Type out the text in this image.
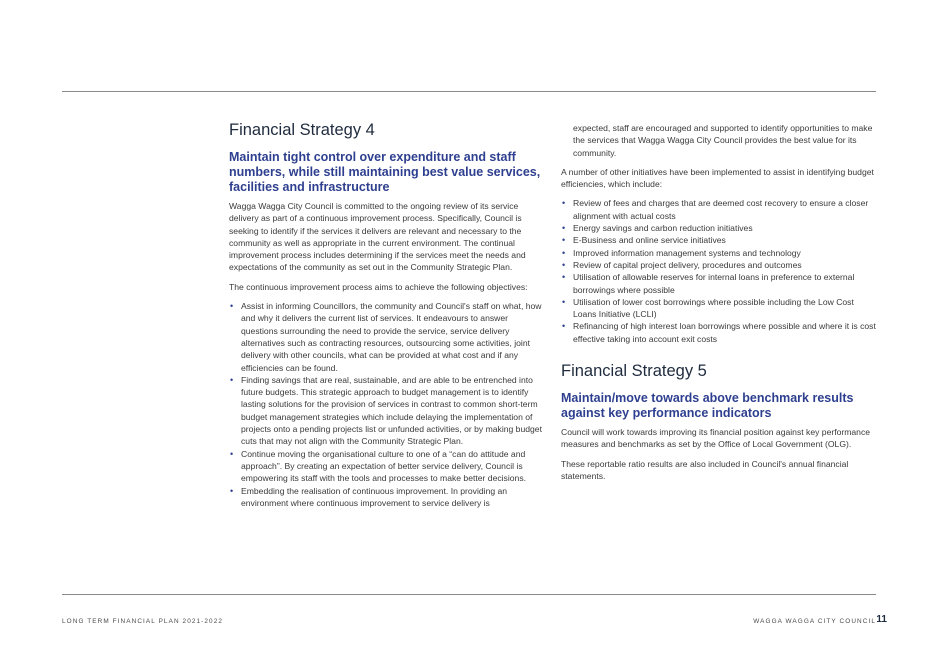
Financial Strategy 4
Maintain tight control over expenditure and staff numbers, while still maintaining best value services, facilities and infrastructure

Wagga Wagga City Council is committed to the ongoing review of its service delivery as part of a continuous improvement process. Specifically, Council is seeking to identify if the services it delivers are relevant and necessary to the community as well as appropriate in the current environment. The continual improvement process includes determining if the services meet the needs and expectations of the community as set out in the Community Strategic Plan.

The continuous improvement process aims to achieve the following objectives:

• Assist in informing Councillors, the community and Council's staff on what, how and why it delivers the current list of services. It endeavours to answer questions surrounding the need to provide the service, service delivery alternatives such as contracting resources, outsourcing some activities, joint delivery with other councils, what can be provided at what cost and if any efficiencies can be found.
• Finding savings that are real, sustainable, and are able to be entrenched into future budgets. This strategic approach to budget management is to identify lasting solutions for the provision of services in contrast to common short-term budget management strategies which include delaying the implementation of projects onto a pending projects list or unfunded activities, or by making budget cuts that may not align with the Community Strategic Plan.
• Continue moving the organisational culture to one of a “can do attitude and approach”. By creating an expectation of better service delivery, Council is empowering its staff with the tools and processes to make better decisions.
• Embedding the realisation of continuous improvement. In providing an environment where continuous improvement to service delivery is
expected, staff are encouraged and supported to identify opportunities to make the services that Wagga Wagga City Council provides the best value for its community.

A number of other initiatives have been implemented to assist in identifying budget efficiencies, which include:

• Review of fees and charges that are deemed cost recovery to ensure a closer alignment with actual costs
• Energy savings and carbon reduction initiatives
• E-Business and online service initiatives
• Improved information management systems and technology
• Review of capital project delivery, procedures and outcomes
• Utilisation of allowable reserves for internal loans in preference to external borrowings where possible
• Utilisation of lower cost borrowings where possible including the Low Cost Loans Initiative (LCLI)
• Refinancing of high interest loan borrowings where possible and where it is cost effective taking into account exit costs
Financial Strategy 5
Maintain/move towards above benchmark results against key performance indicators

Council will work towards improving its financial position against key performance measures and benchmarks as set by the Office of Local Government (OLG).

These reportable ratio results are also included in Council's annual financial statements.

LONG TERM FINANCIAL PLAN 2021-2022	WAGGA WAGGA CITY COUNCIL 11
